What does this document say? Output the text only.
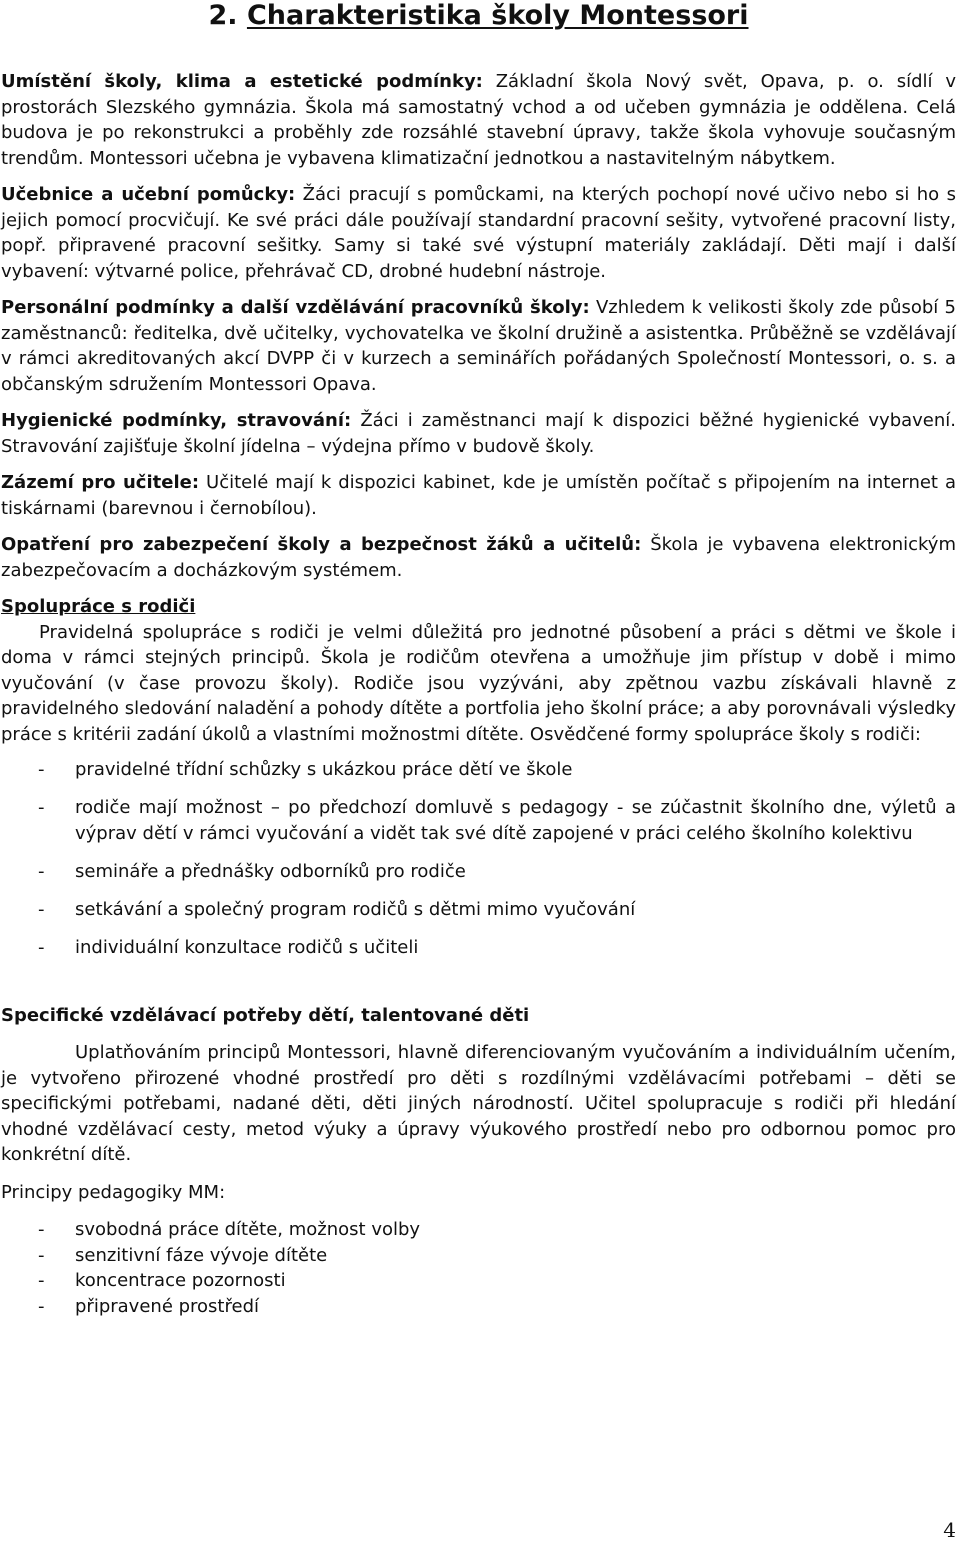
2. Charakteristika školy Montessori

Umístění školy, klima a estetické podmínky: Základní škola Nový svět, Opava, p. o. sídlí v prostorách Slezského gymnázia. Škola má samostatný vchod a od učeben gymnázia je oddělena. Celá budova je po rekonstrukci a proběhly zde rozsáhlé stavební úpravy, takže škola vyhovuje současným trendům. Montessori učebna je vybavena klimatizační jednotkou a nastavitelným nábytkem.

Učebnice a učební pomůcky: Žáci pracují s pomůckami, na kterých pochopí nové učivo nebo si ho s jejich pomocí procvičují. Ke své práci dále používají standardní pracovní sešity, vytvořené pracovní listy, popř. připravené pracovní sešitky. Samy si také své výstupní materiály zakládají. Děti mají i další vybavení: výtvarné police, přehrávač CD, drobné hudební nástroje.

Personální podmínky a další vzdělávání pracovníků školy: Vzhledem k velikosti školy zde působí 5 zaměstnanců: ředitelka, dvě učitelky, vychovatelka ve školní družině a asistentka. Průběžně se vzdělávají v rámci akreditovaných akcí DVPP či v kurzech a seminářích pořádaných Společností Montessori, o. s. a občanským sdružením Montessori Opava.

Hygienické podmínky, stravování: Žáci i zaměstnanci mají k dispozici běžné hygienické vybavení. Stravování zajišťuje školní jídelna – výdejna přímo v budově školy.

Zázemí pro učitele: Učitelé mají k dispozici kabinet, kde je umístěn počítač s připojením na internet a tiskárnami (barevnou i černobílou).

Opatření pro zabezpečení školy a bezpečnost žáků a učitelů: Škola je vybavena elektronickým zabezpečovacím a docházkovým systémem.

Spolupráce s rodiči

Pravidelná spolupráce s rodiči je velmi důležitá pro jednotné působení a práci s dětmi ve škole i doma v rámci stejných principů. Škola je rodičům otevřena a umožňuje jim přístup v době i mimo vyučování (v čase provozu školy). Rodiče jsou vyzýváni, aby zpětnou vazbu získávali hlavně z pravidelného sledování naladění a pohody dítěte a portfolia jeho školní práce; a aby porovnávali výsledky práce s kritérii zadání úkolů a vlastními možnostmi dítěte. Osvědčené formy spolupráce školy s rodiči:

- pravidelné třídní schůzky s ukázkou práce dětí ve škole
- rodiče mají možnost – po předchozí domluvě s pedagogy - se zúčastnit školního dne, výletů a výprav dětí v rámci vyučování a vidět tak své dítě zapojené v práci celého školního kolektivu
- semináře a přednášky odborníků pro rodiče
- setkávání a společný program rodičů s dětmi mimo vyučování
- individuální konzultace rodičů s učiteli

Specifické vzdělávací potřeby dětí, talentované děti

Uplatňováním principů Montessori, hlavně diferenciovaným vyučováním a individuálním učením, je vytvořeno přirozené vhodné prostředí pro děti s rozdílnými vzdělávacími potřebami – děti se specifickými potřebami, nadané děti, děti jiných národností. Učitel spolupracuje s rodiči při hledání vhodné vzdělávací cesty, metod výuky a úpravy výukového prostředí nebo pro odbornou pomoc pro konkrétní dítě.

Principy pedagogiky MM:

- svobodná práce dítěte, možnost volby
- senzitivní fáze vývoje dítěte
- koncentrace pozornosti
- připravené prostředí
4
